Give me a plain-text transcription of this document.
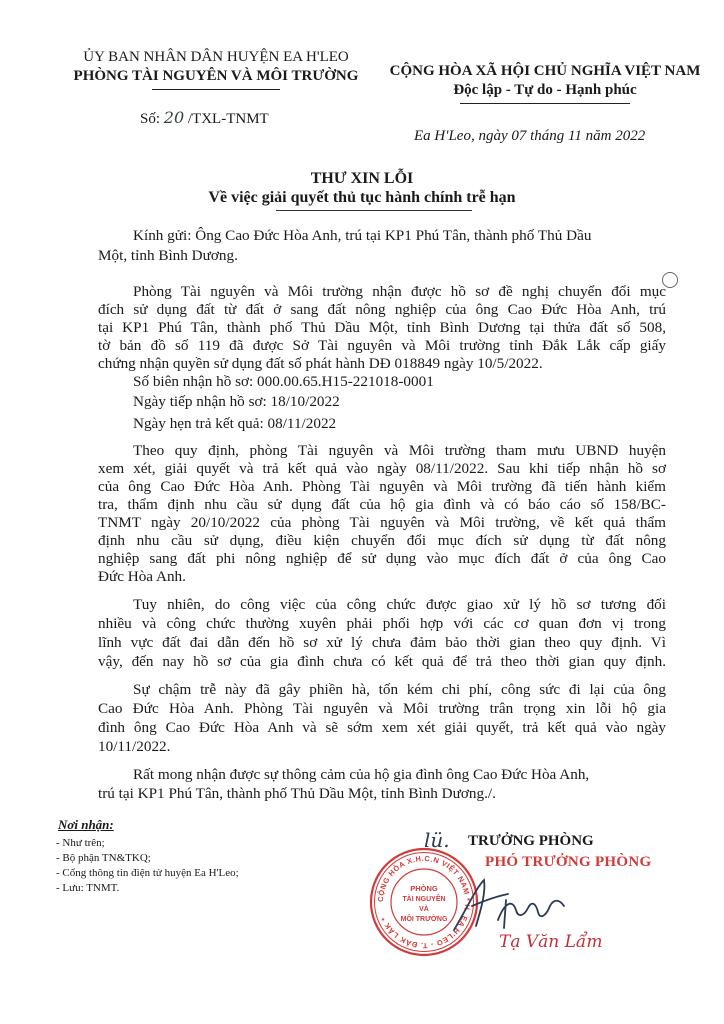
ỦY BAN NHÂN DÂN HUYỆN EA H'LEO
PHÒNG TÀI NGUYÊN VÀ MÔI TRƯỜNG	CỘNG HÒA XÃ HỘI CHỦ NGHĨA VIỆT NAM
Độc lập - Tự do - Hạnh phúc
Số: 20 /TXL-TNMT
Ea H'Leo, ngày 07 tháng 11 năm 2022
THƯ XIN LỖI
Về việc giải quyết thủ tục hành chính trễ hạn
Kính gửi: Ông Cao Đức Hòa Anh, trú tại KP1 Phú Tân, thành phố Thủ Dầu
Một, tỉnh Bình Dương.
Phòng Tài nguyên và Môi trường nhận được hồ sơ đề nghị chuyển đổi mục
đích sử dụng đất từ đất ở sang đất nông nghiệp của ông Cao Đức Hòa Anh, trú
tại KP1 Phú Tân, thành phố Thủ Dầu Một, tỉnh Bình Dương tại thửa đất số 508,
tờ bản đồ số 119 đã được Sở Tài nguyên và Môi trường tỉnh Đắk Lắk cấp giấy
chứng nhận quyền sử dụng đất số phát hành DĐ 018849 ngày 10/5/2022.
Số biên nhận hồ sơ: 000.00.65.H15-221018-0001
Ngày tiếp nhận hồ sơ: 18/10/2022
Ngày hẹn trả kết quả: 08/11/2022
Theo quy định, phòng Tài nguyên và Môi trường tham mưu UBND huyện
xem xét, giải quyết và trả kết quả vào ngày 08/11/2022. Sau khi tiếp nhận hồ sơ
của ông Cao Đức Hòa Anh. Phòng Tài nguyên và Môi trường đã tiến hành kiểm
tra, thẩm định nhu cầu sử dụng đất của hộ gia đình và có báo cáo số 158/BC-
TNMT ngày 20/10/2022 của phòng Tài nguyên và Môi trường, về kết quả thẩm
định nhu cầu sử dụng, điều kiện chuyển đổi mục đích sử dụng từ đất nông
nghiệp sang đất phi nông nghiệp để sử dụng vào mục đích đất ở của ông Cao
Đức Hòa Anh.
Tuy nhiên, do công việc của công chức được giao xử lý hồ sơ tương đối
nhiều và công chức thường xuyên phải phối hợp với các cơ quan đơn vị trong
lĩnh vực đất đai dẫn đến hồ sơ xử lý chưa đảm bảo thời gian theo quy định. Vì
vậy, đến nay hồ sơ của gia đình chưa có kết quả để trả theo thời gian quy định.
Sự chậm trễ này đã gây phiền hà, tốn kém chi phí, công sức đi lại của ông
Cao Đức Hòa Anh. Phòng Tài nguyên và Môi trường trân trọng xin lỗi hộ gia
đình ông Cao Đức Hòa Anh và sẽ sớm xem xét giải quyết, trả kết quả vào ngày
10/11/2022.
Rất mong nhận được sự thông cảm của hộ gia đình ông Cao Đức Hòa Anh,
trú tại KP1 Phú Tân, thành phố Thủ Dầu Một, tỉnh Bình Dương./.
Nơi nhận:
- Như trên;
- Bộ phận TN&TKQ;
- Cổng thông tin điện tử huyện Ea H'Leo;
- Lưu: TNMT.
lü. TRƯỞNG PHÒNG
PHÓ TRƯỞNG PHÒNG
CỘNG HÒA X.H.C.N VIỆT NAM * H. EA H'LEO - T. ĐẮK LẮK *
PHÒNG
TÀI NGUYÊN
VÀ
MÔI TRƯỜNG
Tạ Văn Lẩm
